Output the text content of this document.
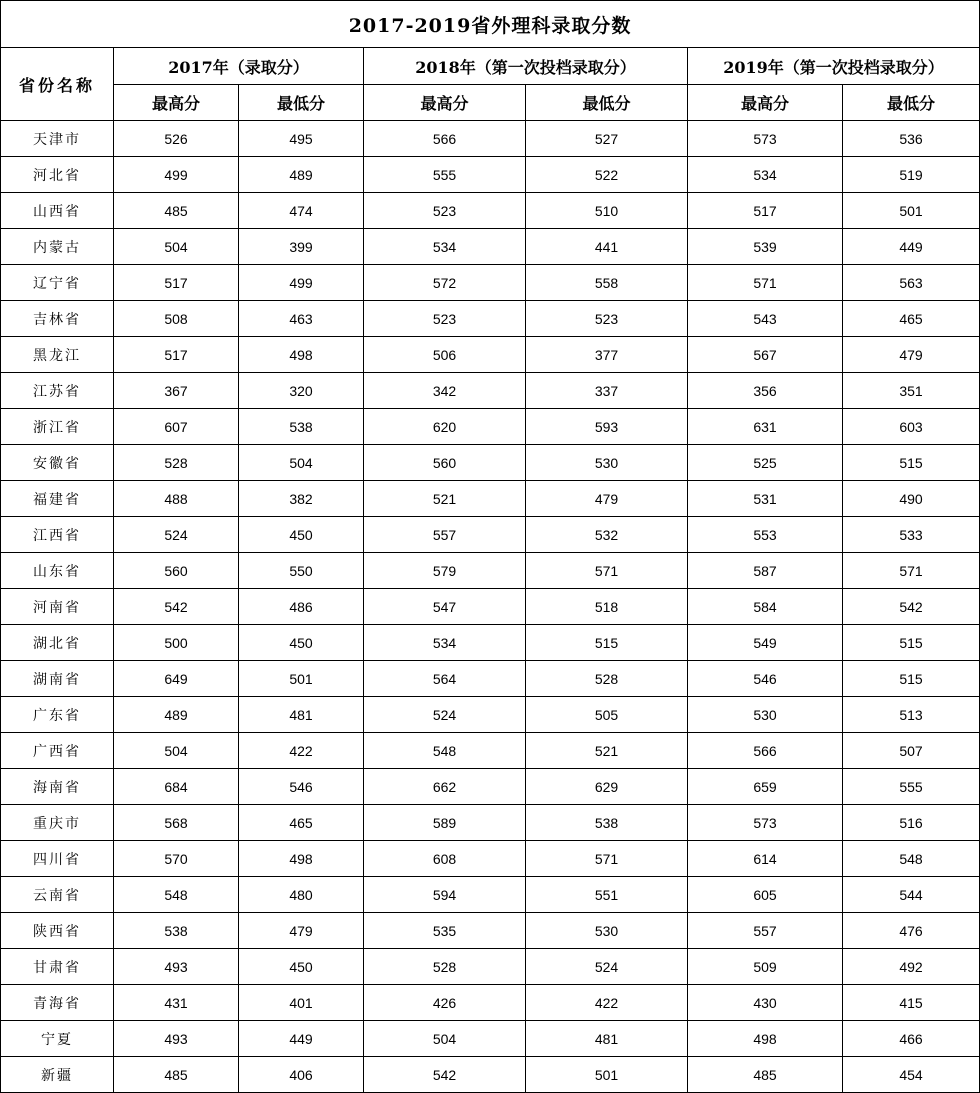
2017-2019省外理科录取分数						
省份名称	2017年（录取分）		2018年（第一次投档录取分）		2019年（第一次投档录取分）	
	最高分	最低分	最高分	最低分	最高分	最低分
天津市	526	495	566	527	573	536
河北省	499	489	555	522	534	519
山西省	485	474	523	510	517	501
内蒙古	504	399	534	441	539	449
辽宁省	517	499	572	558	571	563
吉林省	508	463	523	523	543	465
黑龙江	517	498	506	377	567	479
江苏省	367	320	342	337	356	351
浙江省	607	538	620	593	631	603
安徽省	528	504	560	530	525	515
福建省	488	382	521	479	531	490
江西省	524	450	557	532	553	533
山东省	560	550	579	571	587	571
河南省	542	486	547	518	584	542
湖北省	500	450	534	515	549	515
湖南省	649	501	564	528	546	515
广东省	489	481	524	505	530	513
广西省	504	422	548	521	566	507
海南省	684	546	662	629	659	555
重庆市	568	465	589	538	573	516
四川省	570	498	608	571	614	548
云南省	548	480	594	551	605	544
陕西省	538	479	535	530	557	476
甘肃省	493	450	528	524	509	492
青海省	431	401	426	422	430	415
宁夏	493	449	504	481	498	466
新疆	485	406	542	501	485	454
